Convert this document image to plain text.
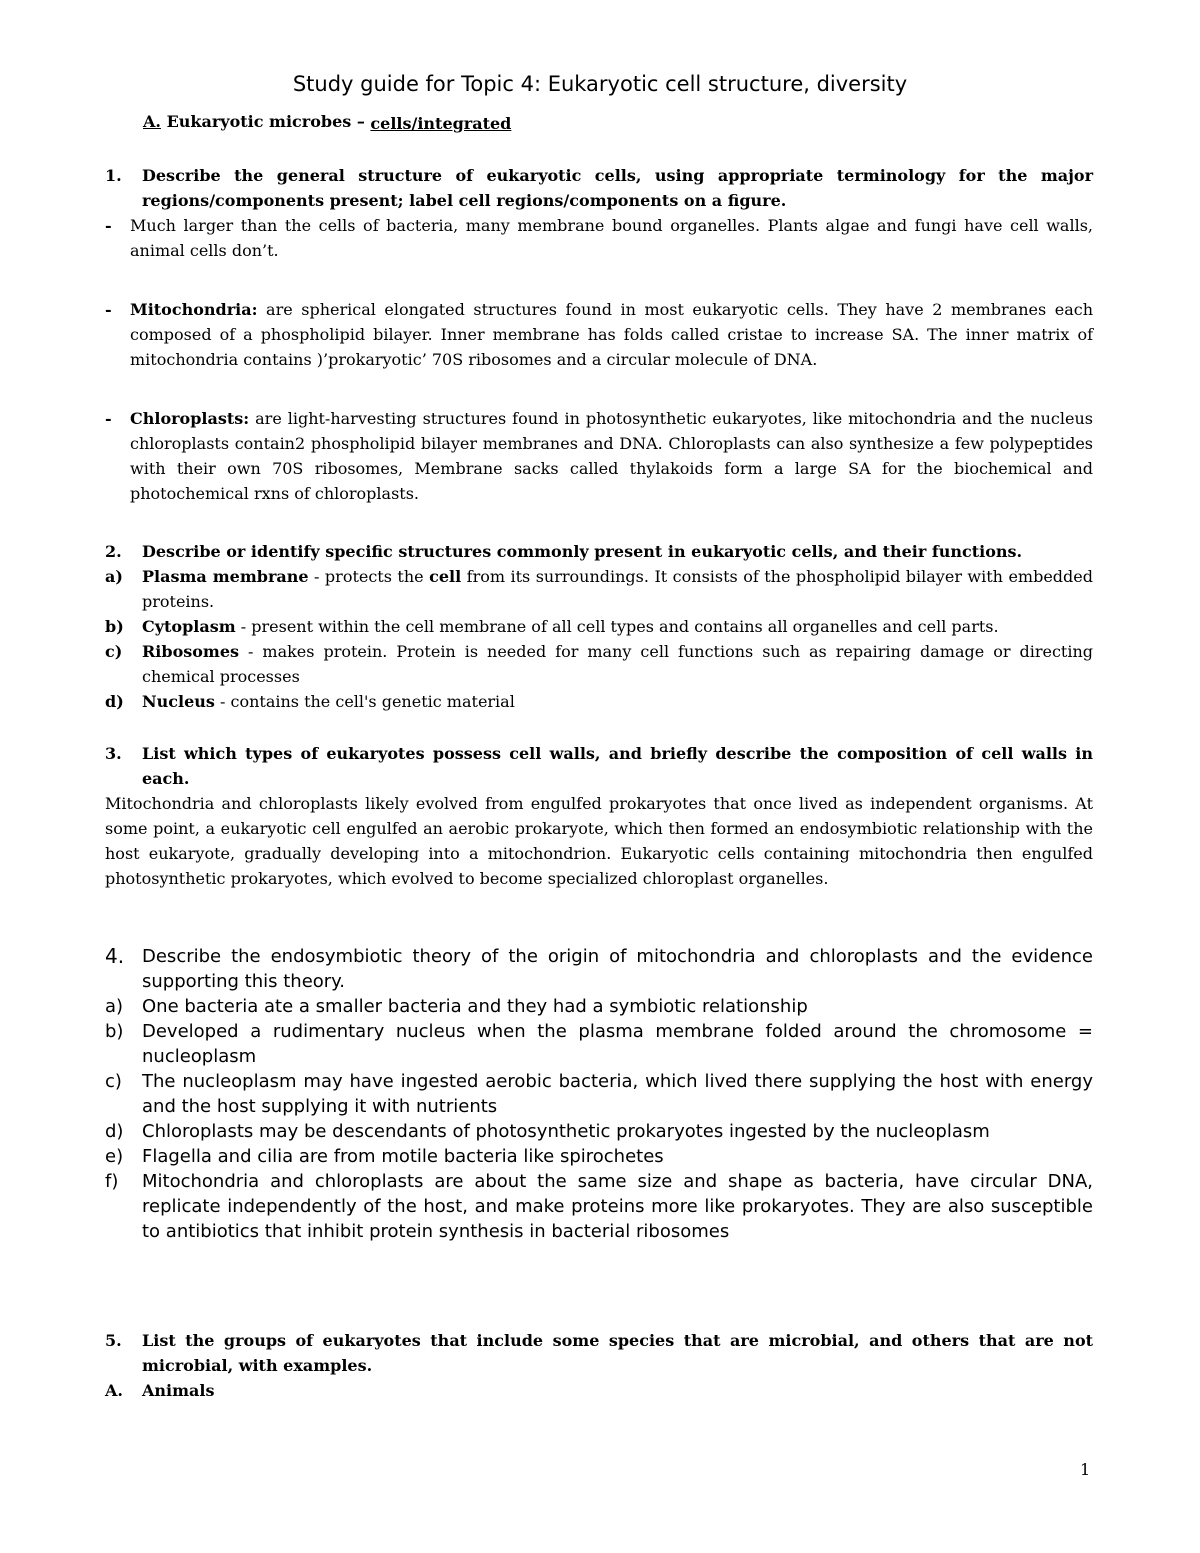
Study guide for Topic 4: Eukaryotic cell structure, diversity
A. Eukaryotic microbes – cells/integrated
1. Describe the general structure of eukaryotic cells, using appropriate terminology for the major regions/components present; label cell regions/components on a figure.
- Much larger than the cells of bacteria, many membrane bound organelles. Plants algae and fungi have cell walls, animal cells don’t.
- Mitochondria: are spherical elongated structures found in most eukaryotic cells. They have 2 membranes each composed of a phospholipid bilayer. Inner membrane has folds called cristae to increase SA. The inner matrix of mitochondria contains )’prokaryotic’ 70S ribosomes and a circular molecule of DNA.
- Chloroplasts: are light-harvesting structures found in photosynthetic eukaryotes, like mitochondria and the nucleus chloroplasts contain2 phospholipid bilayer membranes and DNA. Chloroplasts can also synthesize a few polypeptides with their own 70S ribosomes, Membrane sacks called thylakoids form a large SA for the biochemical and photochemical rxns of chloroplasts.
2. Describe or identify specific structures commonly present in eukaryotic cells, and their functions.
a) Plasma membrane - protects the cell from its surroundings. It consists of the phospholipid bilayer with embedded proteins.
b) Cytoplasm - present within the cell membrane of all cell types and contains all organelles and cell parts.
c) Ribosomes - makes protein. Protein is needed for many cell functions such as repairing damage or directing chemical processes
d) Nucleus - contains the cell's genetic material
3. List which types of eukaryotes possess cell walls, and briefly describe the composition of cell walls in each.
Mitochondria and chloroplasts likely evolved from engulfed prokaryotes that once lived as independent organisms. At some point, a eukaryotic cell engulfed an aerobic prokaryote, which then formed an endosymbiotic relationship with the host eukaryote, gradually developing into a mitochondrion. Eukaryotic cells containing mitochondria then engulfed photosynthetic prokaryotes, which evolved to become specialized chloroplast organelles.
4. Describe the endosymbiotic theory of the origin of mitochondria and chloroplasts and the evidence supporting this theory.
a) One bacteria ate a smaller bacteria and they had a symbiotic relationship
b) Developed a rudimentary nucleus when the plasma membrane folded around the chromosome = nucleoplasm
c) The nucleoplasm may have ingested aerobic bacteria, which lived there supplying the host with energy and the host supplying it with nutrients
d) Chloroplasts may be descendants of photosynthetic prokaryotes ingested by the nucleoplasm
e) Flagella and cilia are from motile bacteria like spirochetes
f) Mitochondria and chloroplasts are about the same size and shape as bacteria, have circular DNA, replicate independently of the host, and make proteins more like prokaryotes. They are also susceptible to antibiotics that inhibit protein synthesis in bacterial ribosomes
5. List the groups of eukaryotes that include some species that are microbial, and others that are not microbial, with examples.
A. Animals
1
